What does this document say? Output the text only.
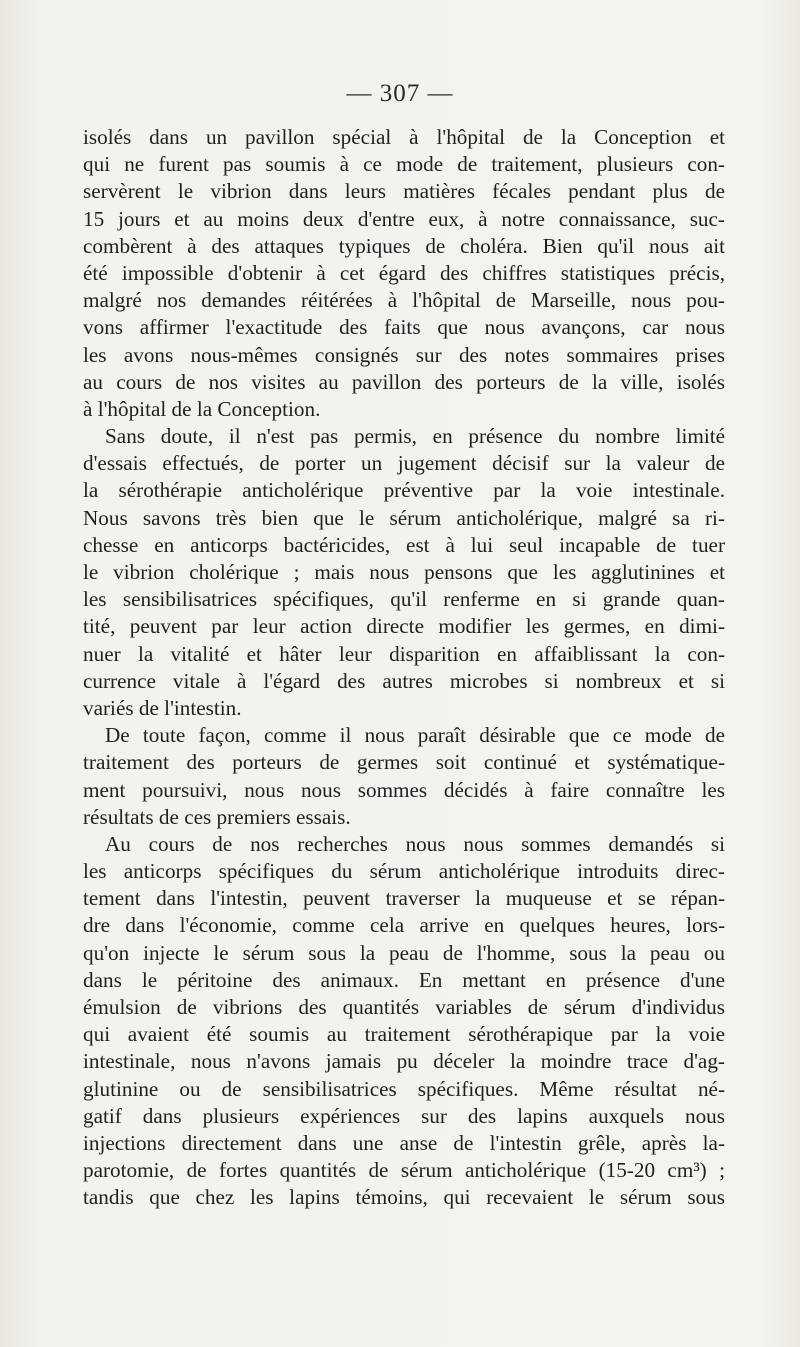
— 307 —
isolés dans un pavillon spécial à l'hôpital de la Conception et
qui ne furent pas soumis à ce mode de traitement, plusieurs con-
servèrent le vibrion dans leurs matières fécales pendant plus de
15 jours et au moins deux d'entre eux, à notre connaissance, suc-
combèrent à des attaques typiques de choléra. Bien qu'il nous ait
été impossible d'obtenir à cet égard des chiffres statistiques précis,
malgré nos demandes réitérées à l'hôpital de Marseille, nous pou-
vons affirmer l'exactitude des faits que nous avançons, car nous
les avons nous-mêmes consignés sur des notes sommaires prises
au cours de nos visites au pavillon des porteurs de la ville, isolés
à l'hôpital de la Conception.
Sans doute, il n'est pas permis, en présence du nombre limité
d'essais effectués, de porter un jugement décisif sur la valeur de
la sérothérapie anticholérique préventive par la voie intestinale.
Nous savons très bien que le sérum anticholérique, malgré sa ri-
chesse en anticorps bactéricides, est à lui seul incapable de tuer
le vibrion cholérique ; mais nous pensons que les agglutinines et
les sensibilisatrices spécifiques, qu'il renferme en si grande quan-
tité, peuvent par leur action directe modifier les germes, en dimi-
nuer la vitalité et hâter leur disparition en affaiblissant la con-
currence vitale à l'égard des autres microbes si nombreux et si
variés de l'intestin.
De toute façon, comme il nous paraît désirable que ce mode de
traitement des porteurs de germes soit continué et systématique-
ment poursuivi, nous nous sommes décidés à faire connaître les
résultats de ces premiers essais.
Au cours de nos recherches nous nous sommes demandés si
les anticorps spécifiques du sérum anticholérique introduits direc-
tement dans l'intestin, peuvent traverser la muqueuse et se répan-
dre dans l'économie, comme cela arrive en quelques heures, lors-
qu'on injecte le sérum sous la peau de l'homme, sous la peau ou
dans le péritoine des animaux. En mettant en présence d'une
émulsion de vibrions des quantités variables de sérum d'individus
qui avaient été soumis au traitement sérothérapique par la voie
intestinale, nous n'avons jamais pu déceler la moindre trace d'ag-
glutinine ou de sensibilisatrices spécifiques. Même résultat né-
gatif dans plusieurs expériences sur des lapins auxquels nous
injections directement dans une anse de l'intestin grêle, après la-
parotomie, de fortes quantités de sérum anticholérique (15-20 cm³) ;
tandis que chez les lapins témoins, qui recevaient le sérum sous
